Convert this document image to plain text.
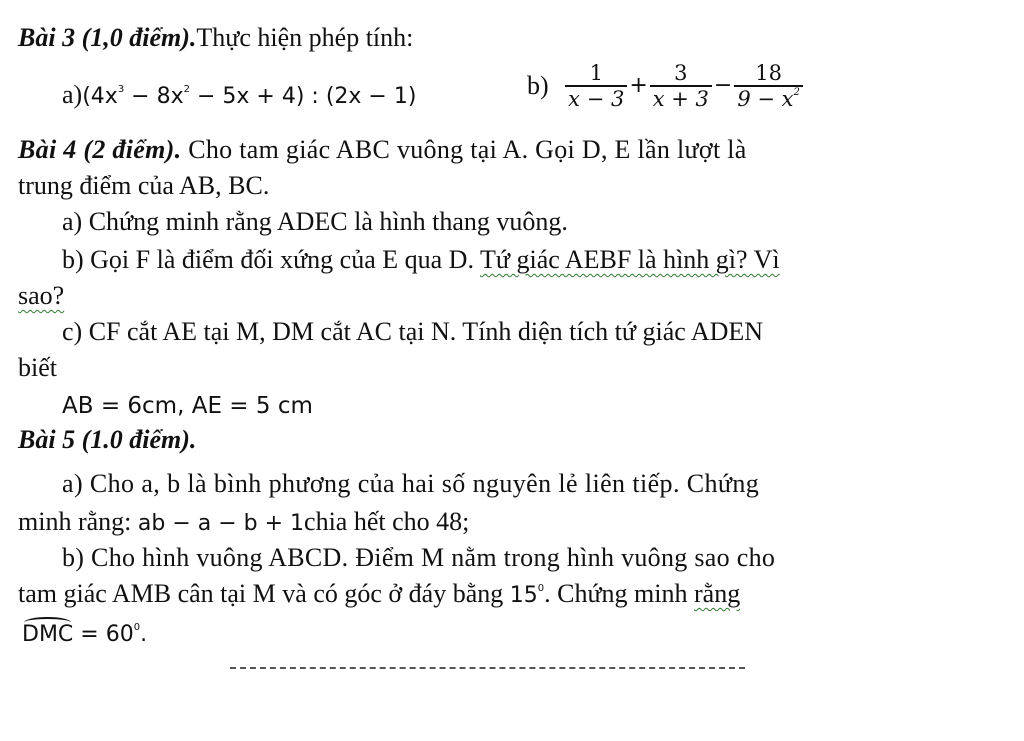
Bài 3 (1,0 điểm).Thực hiện phép tính:
$a)(4x^3 - 8x^2 - 5x + 4)$ : (2x − 1)	$b) \frac{1}{x - 3} + \frac{3}{x + 3} - \frac{18}{9 - x^2}$
Bài 4 (2 điểm). Cho tam giác ABC vuông tại A. Gọi D, E lần lượt là
trung điểm của AB, BC.
a) Chứng minh rằng ADEC là hình thang vuông.
b) Gọi F là điểm đối xứng của E qua D. Tứ giác AEBF là hình gì? Vì
sao?
c) CF cắt AE tại M, DM cắt AC tại N. Tính diện tích tứ giác ADEN
biết
AB = 6cm, AE = 5 cm
Bài 5 (1.0 điểm).
a) Cho a, b là bình phương của hai số nguyên lẻ liên tiếp. Chứng
minh rằng: ab − a − b + 1chia hết cho 48;
b) Cho hình vuông ABCD. Điểm M nằm trong hình vuông sao cho
tam giác AMB cân tại M và có góc ở đáy bằng $15^0$. Chứng minh rằng
DMC = $60^0$.
